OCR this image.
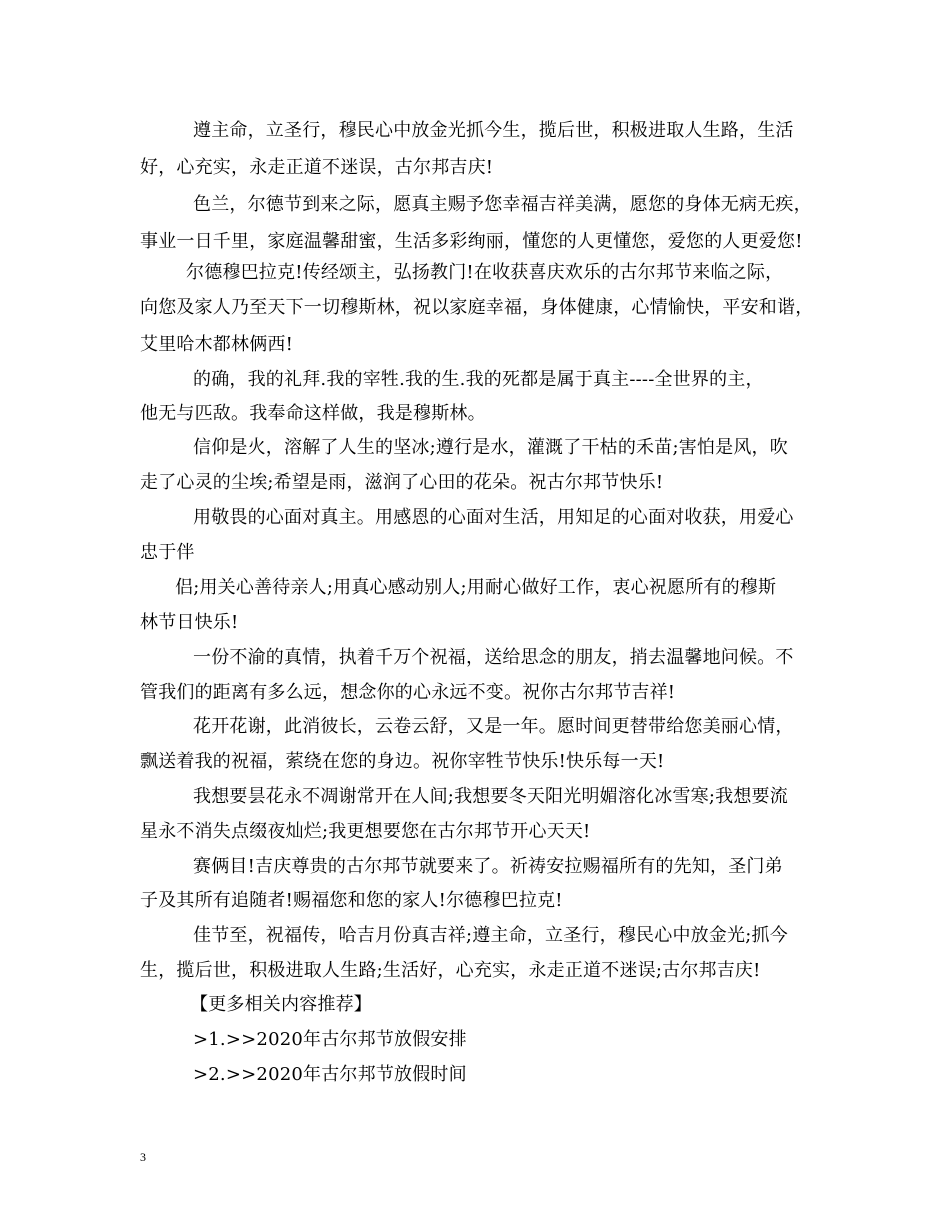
遵主命，立圣行，穆民心中放金光抓今生，揽后世，积极进取人生路，生活
好，心充实，永走正道不迷误，古尔邦吉庆!
色兰，尔德节到来之际，愿真主赐予您幸福吉祥美满，愿您的身体无病无疾，
事业一日千里，家庭温馨甜蜜，生活多彩绚丽，懂您的人更懂您，爱您的人更爱您!
尔德穆巴拉克!传经颂主，弘扬教门!在收获喜庆欢乐的古尔邦节来临之际，
向您及家人乃至天下一切穆斯林，祝以家庭幸福，身体健康，心情愉快，平安和谐，
艾里哈木都林俩西!
的确，我的礼拜.我的宰牲.我的生.我的死都是属于真主----全世界的主，
他无与匹敌。我奉命这样做，我是穆斯林。
信仰是火，溶解了人生的坚冰;遵行是水，灌溉了干枯的禾苗;害怕是风，吹
走了心灵的尘埃;希望是雨，滋润了心田的花朵。祝古尔邦节快乐!
用敬畏的心面对真主。用感恩的心面对生活，用知足的心面对收获，用爱心
忠于伴
侣;用关心善待亲人;用真心感动别人;用耐心做好工作，衷心祝愿所有的穆斯
林节日快乐!
一份不渝的真情，执着千万个祝福，送给思念的朋友，捎去温馨地问候。不
管我们的距离有多么远，想念你的心永远不变。祝你古尔邦节吉祥!
花开花谢，此消彼长，云卷云舒，又是一年。愿时间更替带给您美丽心情，
飘送着我的祝福，萦绕在您的身边。祝你宰牲节快乐!快乐每一天!
我想要昙花永不凋谢常开在人间;我想要冬天阳光明媚溶化冰雪寒;我想要流
星永不消失点缀夜灿烂;我更想要您在古尔邦节开心天天!
赛俩目!吉庆尊贵的古尔邦节就要来了。祈祷安拉赐福所有的先知，圣门弟
子及其所有追随者!赐福您和您的家人!尔德穆巴拉克!
佳节至，祝福传，哈吉月份真吉祥;遵主命，立圣行，穆民心中放金光;抓今
生，揽后世，积极进取人生路;生活好，心充实，永走正道不迷误;古尔邦吉庆!
【更多相关内容推荐】
>1.>>2020年古尔邦节放假安排
>2.>>2020年古尔邦节放假时间
3
